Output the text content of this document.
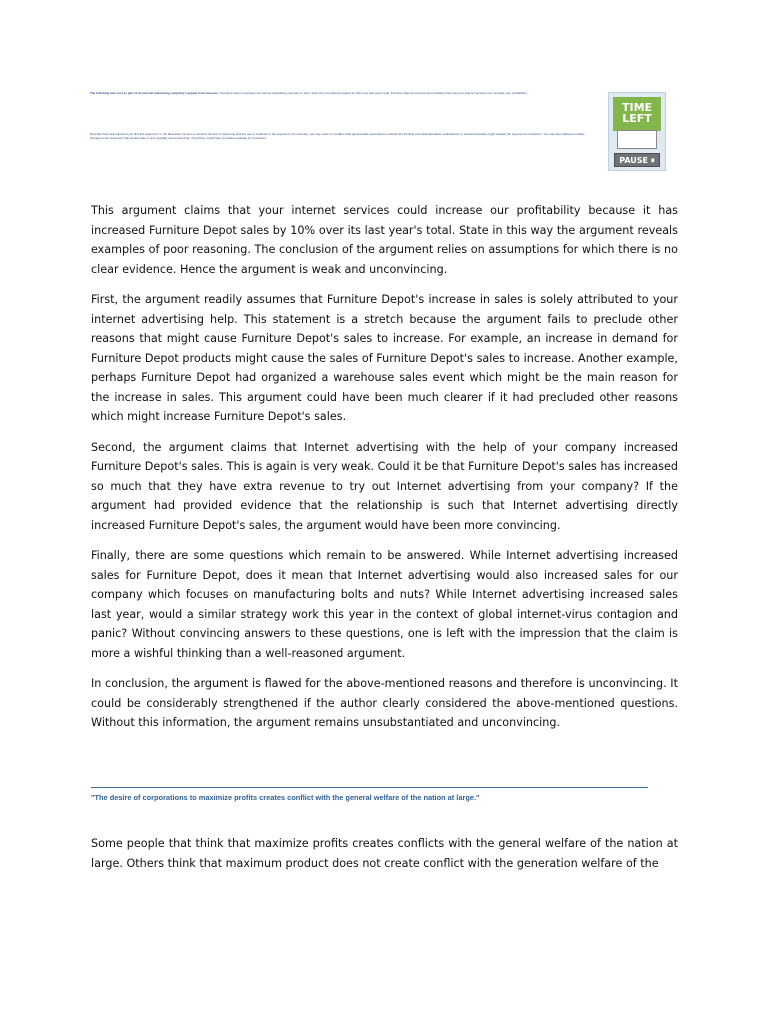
The following was sent as part of an internet advertising company's appeal to businesses: "Furniture Depot employed our internet advertising company to help. Since then its sales increased by 10% over last year's total. Furniture Depot's success demonstrates how using our internet services can increase your profitability."
Describe how well reasoned you find this argument. In the discussion be sure to analyze the line of reasoning and the use of evidence in the argument. For example, you may need to consider what questionable assumptions underlie the thinking and what alternative explanations or counterexamples might weaken the argument's conclusion. You may also address possible changes to the argument that would make it more logically sound and what, if anything, would help you better evaluate its conclusion.
TIME
LEFT
PAUSE ⏸

This argument claims that your internet services could increase our profitability because it has increased Furniture Depot sales by 10% over its last year's total. State in this way the argument reveals examples of poor reasoning. The conclusion of the argument relies on assumptions for which there is no clear evidence. Hence the argument is weak and unconvincing.

First, the argument readily assumes that Furniture Depot's increase in sales is solely attributed to your internet advertising help. This statement is a stretch because the argument fails to preclude other reasons that might cause Furniture Depot's sales to increase. For example, an increase in demand for Furniture Depot products might cause the sales of Furniture Depot's sales to increase. Another example, perhaps Furniture Depot had organized a warehouse sales event which might be the main reason for the increase in sales. This argument could have been much clearer if it had precluded other reasons which might increase Furniture Depot's sales.

Second, the argument claims that Internet advertising with the help of your company increased Furniture Depot's sales. This is again is very weak. Could it be that Furniture Depot's sales has increased so much that they have extra revenue to try out Internet advertising from your company? If the argument had provided evidence that the relationship is such that Internet advertising directly increased Furniture Depot's sales, the argument would have been more convincing.

Finally, there are some questions which remain to be answered. While Internet advertising increased sales for Furniture Depot, does it mean that Internet advertising would also increased sales for our company which focuses on manufacturing bolts and nuts? While Internet advertising increased sales last year, would a similar strategy work this year in the context of global internet-virus contagion and panic? Without convincing answers to these questions, one is left with the impression that the claim is more a wishful thinking than a well-reasoned argument.

In conclusion, the argument is flawed for the above-mentioned reasons and therefore is unconvincing. It could be considerably strengthened if the author clearly considered the above-mentioned questions. Without this information, the argument remains unsubstantiated and unconvincing.

"The desire of corporations to maximize profits creates conflict with the general welfare of the nation at large."
Some people that think that maximize profits creates conflicts with the general welfare of the nation at large. Others think that maximum product does not create conflict with the generation welfare of the
